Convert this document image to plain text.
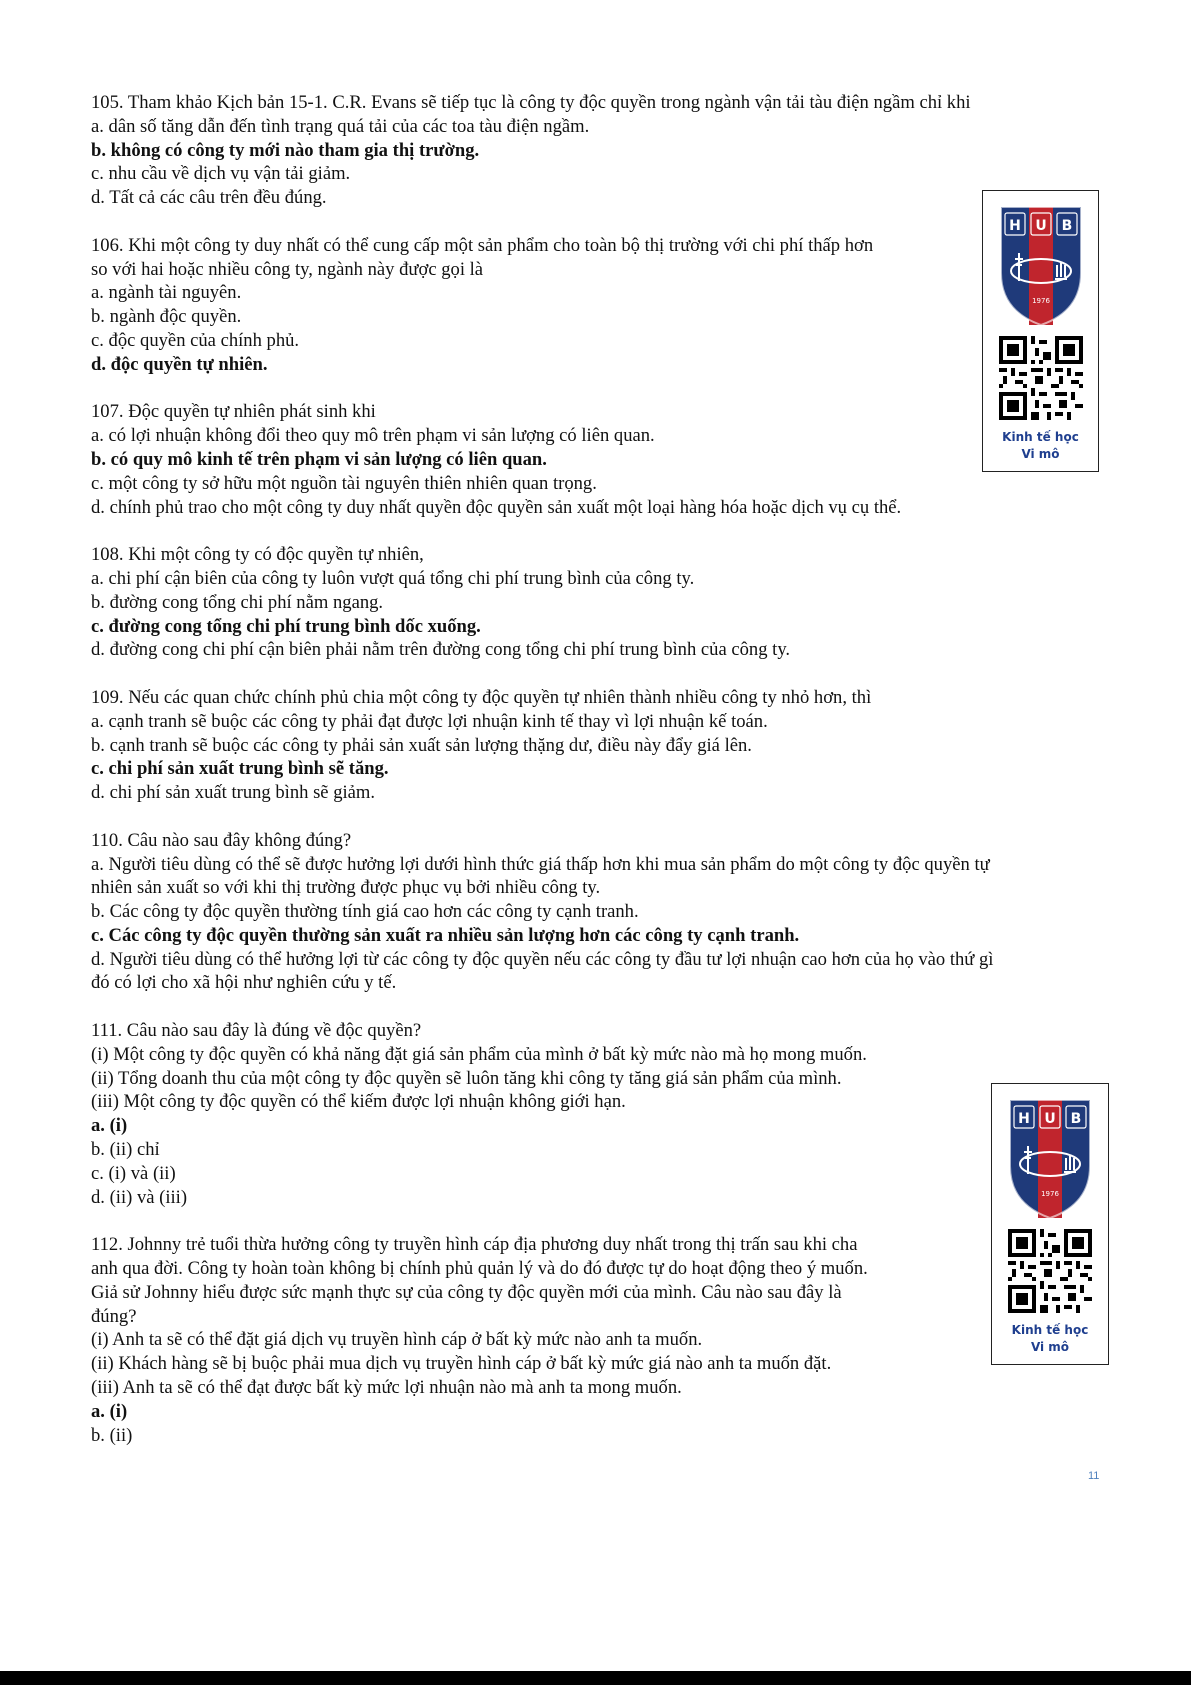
105. Tham khảo Kịch bản 15-1. C.R. Evans sẽ tiếp tục là công ty độc quyền trong ngành vận tải tàu điện ngầm chỉ khi
a. dân số tăng dẫn đến tình trạng quá tải của các toa tàu điện ngầm.
b. không có công ty mới nào tham gia thị trường.
c. nhu cầu về dịch vụ vận tải giảm.
d. Tất cả các câu trên đều đúng.
106. Khi một công ty duy nhất có thể cung cấp một sản phẩm cho toàn bộ thị trường với chi phí thấp hơn
so với hai hoặc nhiều công ty, ngành này được gọi là
a. ngành tài nguyên.
b. ngành độc quyền.
c. độc quyền của chính phủ.
d. độc quyền tự nhiên.
107. Độc quyền tự nhiên phát sinh khi
a. có lợi nhuận không đổi theo quy mô trên phạm vi sản lượng có liên quan.
b. có quy mô kinh tế trên phạm vi sản lượng có liên quan.
c. một công ty sở hữu một nguồn tài nguyên thiên nhiên quan trọng.
d. chính phủ trao cho một công ty duy nhất quyền độc quyền sản xuất một loại hàng hóa hoặc dịch vụ cụ thể.
108. Khi một công ty có độc quyền tự nhiên,
a. chi phí cận biên của công ty luôn vượt quá tổng chi phí trung bình của công ty.
b. đường cong tổng chi phí nằm ngang.
c. đường cong tổng chi phí trung bình dốc xuống.
d. đường cong chi phí cận biên phải nằm trên đường cong tổng chi phí trung bình của công ty.
109. Nếu các quan chức chính phủ chia một công ty độc quyền tự nhiên thành nhiều công ty nhỏ hơn, thì
a. cạnh tranh sẽ buộc các công ty phải đạt được lợi nhuận kinh tế thay vì lợi nhuận kế toán.
b. cạnh tranh sẽ buộc các công ty phải sản xuất sản lượng thặng dư, điều này đẩy giá lên.
c. chi phí sản xuất trung bình sẽ tăng.
d. chi phí sản xuất trung bình sẽ giảm.
110. Câu nào sau đây không đúng?
a. Người tiêu dùng có thể sẽ được hưởng lợi dưới hình thức giá thấp hơn khi mua sản phẩm do một công ty độc quyền tự
nhiên sản xuất so với khi thị trường được phục vụ bởi nhiều công ty.
b. Các công ty độc quyền thường tính giá cao hơn các công ty cạnh tranh.
c. Các công ty độc quyền thường sản xuất ra nhiều sản lượng hơn các công ty cạnh tranh.
d. Người tiêu dùng có thể hưởng lợi từ các công ty độc quyền nếu các công ty đầu tư lợi nhuận cao hơn của họ vào thứ gì
đó có lợi cho xã hội như nghiên cứu y tế.
111. Câu nào sau đây là đúng về độc quyền?
(i) Một công ty độc quyền có khả năng đặt giá sản phẩm của mình ở bất kỳ mức nào mà họ mong muốn.
(ii) Tổng doanh thu của một công ty độc quyền sẽ luôn tăng khi công ty tăng giá sản phẩm của mình.
(iii) Một công ty độc quyền có thể kiếm được lợi nhuận không giới hạn.
a. (i)
b. (ii) chỉ
c. (i) và (ii)
d. (ii) và (iii)
112. Johnny trẻ tuổi thừa hưởng công ty truyền hình cáp địa phương duy nhất trong thị trấn sau khi cha
anh qua đời. Công ty hoàn toàn không bị chính phủ quản lý và do đó được tự do hoạt động theo ý muốn.
Giả sử Johnny hiểu được sức mạnh thực sự của công ty độc quyền mới của mình. Câu nào sau đây là
đúng?
(i) Anh ta sẽ có thể đặt giá dịch vụ truyền hình cáp ở bất kỳ mức nào anh ta muốn.
(ii) Khách hàng sẽ bị buộc phải mua dịch vụ truyền hình cáp ở bất kỳ mức giá nào anh ta muốn đặt.
(iii) Anh ta sẽ có thể đạt được bất kỳ mức lợi nhuận nào mà anh ta mong muốn.
a. (i)
b. (ii)
H U B
1976
Kinh tế học
Vi mô
H U B
1976
Kinh tế học
Vi mô
11
